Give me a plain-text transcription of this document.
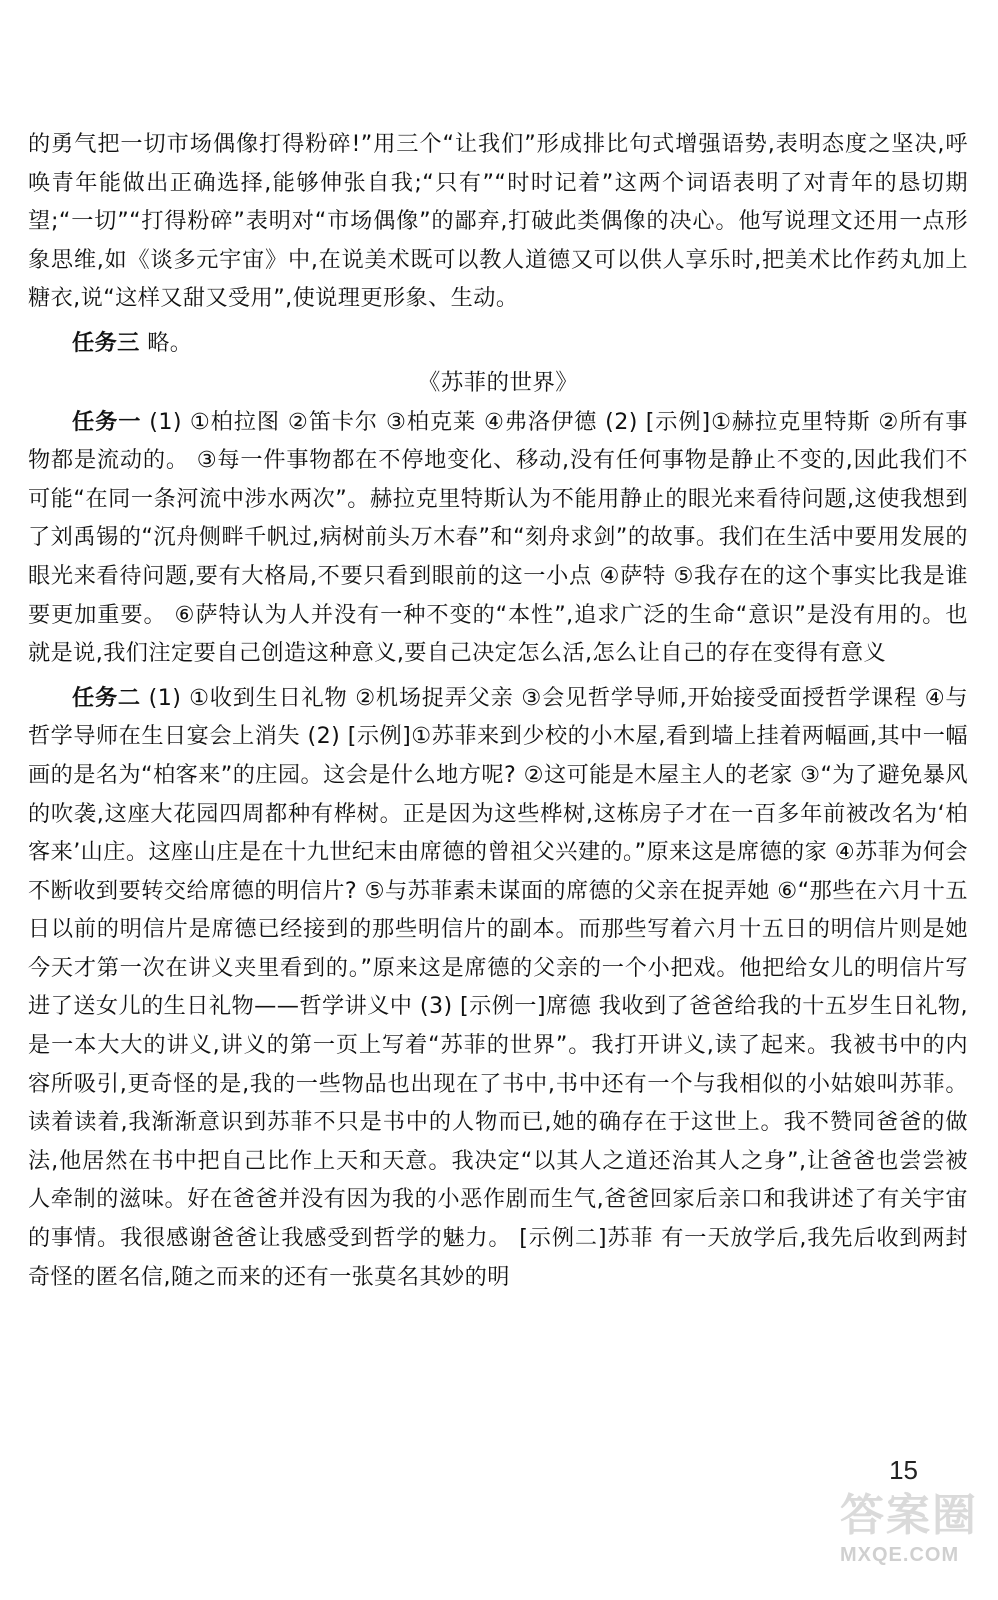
的勇气把一切市场偶像打得粉碎!”用三个“让我们”形成排比句式增强语势,表明态度之坚决,呼唤青年能做出正确选择,能够伸张自我;“只有”“时时记着”这两个词语表明了对青年的恳切期望;“一切”“打得粉碎”表明对“市场偶像”的鄙弃,打破此类偶像的决心。他写说理文还用一点形象思维,如《谈多元宇宙》中,在说美术既可以教人道德又可以供人享乐时,把美术比作药丸加上糖衣,说“这样又甜又受用”,使说理更形象、生动。

任务三 略。

《苏菲的世界》

任务一 (1) ①柏拉图 ②笛卡尔 ③柏克莱 ④弗洛伊德 (2) [示例]①赫拉克里特斯 ②所有事物都是流动的。 ③每一件事物都在不停地变化、移动,没有任何事物是静止不变的,因此我们不可能“在同一条河流中涉水两次”。赫拉克里特斯认为不能用静止的眼光来看待问题,这使我想到了刘禹锡的“沉舟侧畔千帆过,病树前头万木春”和“刻舟求剑”的故事。我们在生活中要用发展的眼光来看待问题,要有大格局,不要只看到眼前的这一小点 ④萨特 ⑤我存在的这个事实比我是谁要更加重要。 ⑥萨特认为人并没有一种不变的“本性”,追求广泛的生命“意识”是没有用的。也就是说,我们注定要自己创造这种意义,要自己决定怎么活,怎么让自己的存在变得有意义

任务二 (1) ①收到生日礼物 ②机场捉弄父亲 ③会见哲学导师,开始接受面授哲学课程 ④与哲学导师在生日宴会上消失 (2) [示例]①苏菲来到少校的小木屋,看到墙上挂着两幅画,其中一幅画的是名为“柏客来”的庄园。这会是什么地方呢? ②这可能是木屋主人的老家 ③“为了避免暴风的吹袭,这座大花园四周都种有桦树。正是因为这些桦树,这栋房子才在一百多年前被改名为‘柏客来’山庄。这座山庄是在十九世纪末由席德的曾祖父兴建的。”原来这是席德的家 ④苏菲为何会不断收到要转交给席德的明信片? ⑤与苏菲素未谋面的席德的父亲在捉弄她 ⑥“那些在六月十五日以前的明信片是席德已经接到的那些明信片的副本。而那些写着六月十五日的明信片则是她今天才第一次在讲义夹里看到的。”原来这是席德的父亲的一个小把戏。他把给女儿的明信片写进了送女儿的生日礼物——哲学讲义中 (3) [示例一]席德 我收到了爸爸给我的十五岁生日礼物,是一本大大的讲义,讲义的第一页上写着“苏菲的世界”。我打开讲义,读了起来。我被书中的内容所吸引,更奇怪的是,我的一些物品也出现在了书中,书中还有一个与我相似的小姑娘叫苏菲。读着读着,我渐渐意识到苏菲不只是书中的人物而已,她的确存在于这世上。我不赞同爸爸的做法,他居然在书中把自己比作上天和天意。我决定“以其人之道还治其人之身”,让爸爸也尝尝被人牵制的滋味。好在爸爸并没有因为我的小恶作剧而生气,爸爸回家后亲口和我讲述了有关宇宙的事情。我很感谢爸爸让我感受到哲学的魅力。 [示例二]苏菲 有一天放学后,我先后收到两封奇怪的匿名信,随之而来的还有一张莫名其妙的明

15
答案圈
MXQE.COM
